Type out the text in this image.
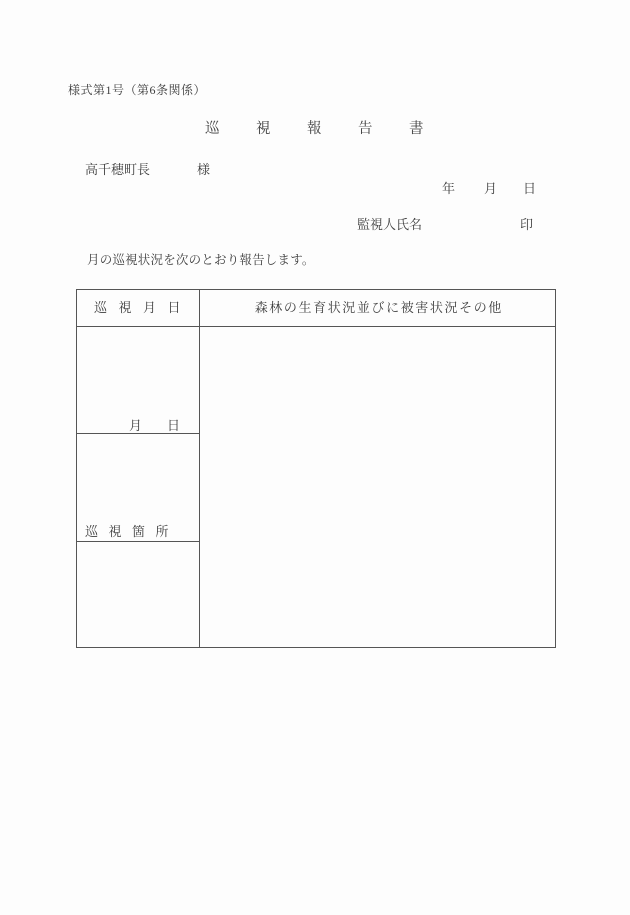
様式第1号（第6条関係）
巡視報告書
高千穂町長	様
年 月 日
監視人氏名	印
月の巡視状況を次のとおり報告します。
巡視月日	森林の生育状況並びに被害状況その他
月 日
巡視箇所
